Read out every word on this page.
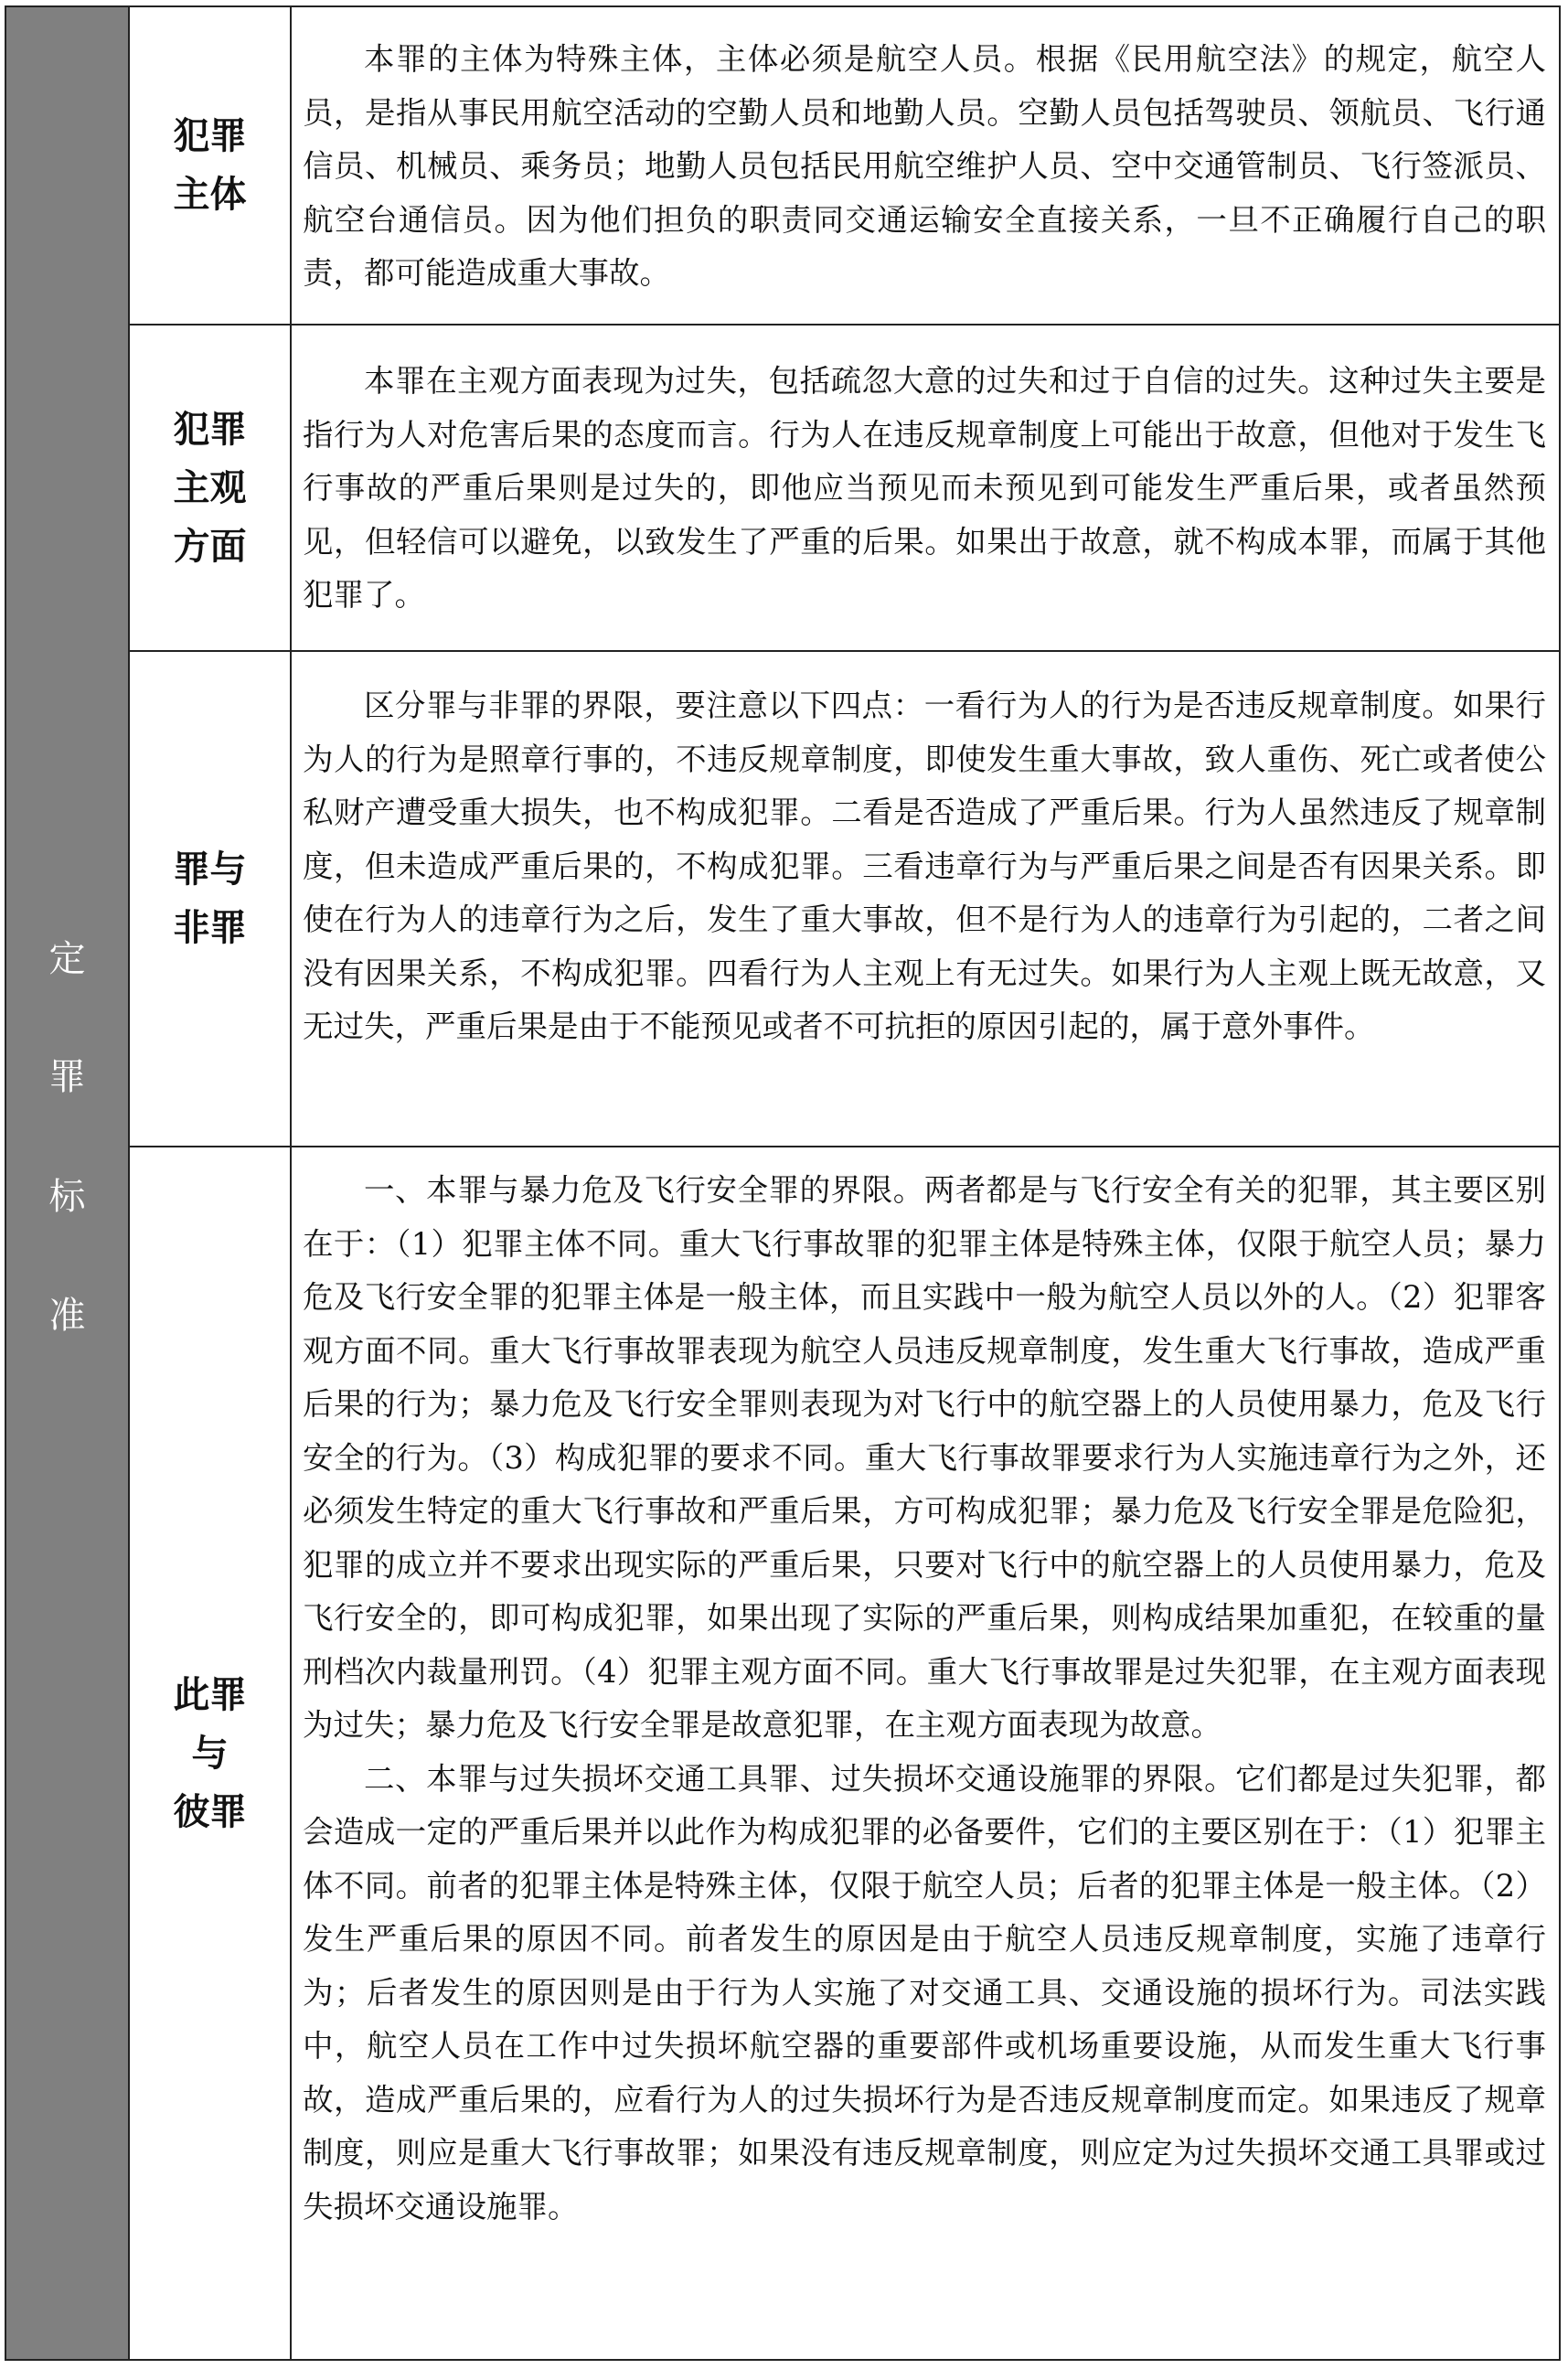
定
罪
标
准
犯罪
主体
犯罪
主观
方面
罪与
非罪
此罪
与
彼罪

本罪的主体为特殊主体，主体必须是航空人员。根据《民用航空法》的规定，航空人员，是指从事民用航空活动的空勤人员和地勤人员。空勤人员包括驾驶员、领航员、飞行通信员、机械员、乘务员；地勤人员包括民用航空维护人员、空中交通管制员、飞行签派员、航空台通信员。因为他们担负的职责同交通运输安全直接关系，一旦不正确履行自己的职责，都可能造成重大事故。

本罪在主观方面表现为过失，包括疏忽大意的过失和过于自信的过失。这种过失主要是指行为人对危害后果的态度而言。行为人在违反规章制度上可能出于故意，但他对于发生飞行事故的严重后果则是过失的，即他应当预见而未预见到可能发生严重后果，或者虽然预见，但轻信可以避免，以致发生了严重的后果。如果出于故意，就不构成本罪，而属于其他犯罪了。

区分罪与非罪的界限，要注意以下四点：一看行为人的行为是否违反规章制度。如果行为人的行为是照章行事的，不违反规章制度，即使发生重大事故，致人重伤、死亡或者使公私财产遭受重大损失，也不构成犯罪。二看是否造成了严重后果。行为人虽然违反了规章制度，但未造成严重后果的，不构成犯罪。三看违章行为与严重后果之间是否有因果关系。即使在行为人的违章行为之后，发生了重大事故，但不是行为人的违章行为引起的，二者之间没有因果关系，不构成犯罪。四看行为人主观上有无过失。如果行为人主观上既无故意，又无过失，严重后果是由于不能预见或者不可抗拒的原因引起的，属于意外事件。

一、本罪与暴力危及飞行安全罪的界限。两者都是与飞行安全有关的犯罪，其主要区别在于：（1）犯罪主体不同。重大飞行事故罪的犯罪主体是特殊主体，仅限于航空人员；暴力危及飞行安全罪的犯罪主体是一般主体，而且实践中一般为航空人员以外的人。（2）犯罪客观方面不同。重大飞行事故罪表现为航空人员违反规章制度，发生重大飞行事故，造成严重后果的行为；暴力危及飞行安全罪则表现为对飞行中的航空器上的人员使用暴力，危及飞行安全的行为。（3）构成犯罪的要求不同。重大飞行事故罪要求行为人实施违章行为之外，还必须发生特定的重大飞行事故和严重后果，方可构成犯罪；暴力危及飞行安全罪是危险犯，犯罪的成立并不要求出现实际的严重后果，只要对飞行中的航空器上的人员使用暴力，危及飞行安全的，即可构成犯罪，如果出现了实际的严重后果，则构成结果加重犯，在较重的量刑档次内裁量刑罚。（4）犯罪主观方面不同。重大飞行事故罪是过失犯罪，在主观方面表现为过失；暴力危及飞行安全罪是故意犯罪，在主观方面表现为故意。

二、本罪与过失损坏交通工具罪、过失损坏交通设施罪的界限。它们都是过失犯罪，都会造成一定的严重后果并以此作为构成犯罪的必备要件，它们的主要区别在于：（1）犯罪主体不同。前者的犯罪主体是特殊主体，仅限于航空人员；后者的犯罪主体是一般主体。（2）发生严重后果的原因不同。前者发生的原因是由于航空人员违反规章制度，实施了违章行为；后者发生的原因则是由于行为人实施了对交通工具、交通设施的损坏行为。司法实践中，航空人员在工作中过失损坏航空器的重要部件或机场重要设施，从而发生重大飞行事故，造成严重后果的，应看行为人的过失损坏行为是否违反规章制度而定。如果违反了规章制度，则应是重大飞行事故罪；如果没有违反规章制度，则应定为过失损坏交通工具罪或过失损坏交通设施罪。
